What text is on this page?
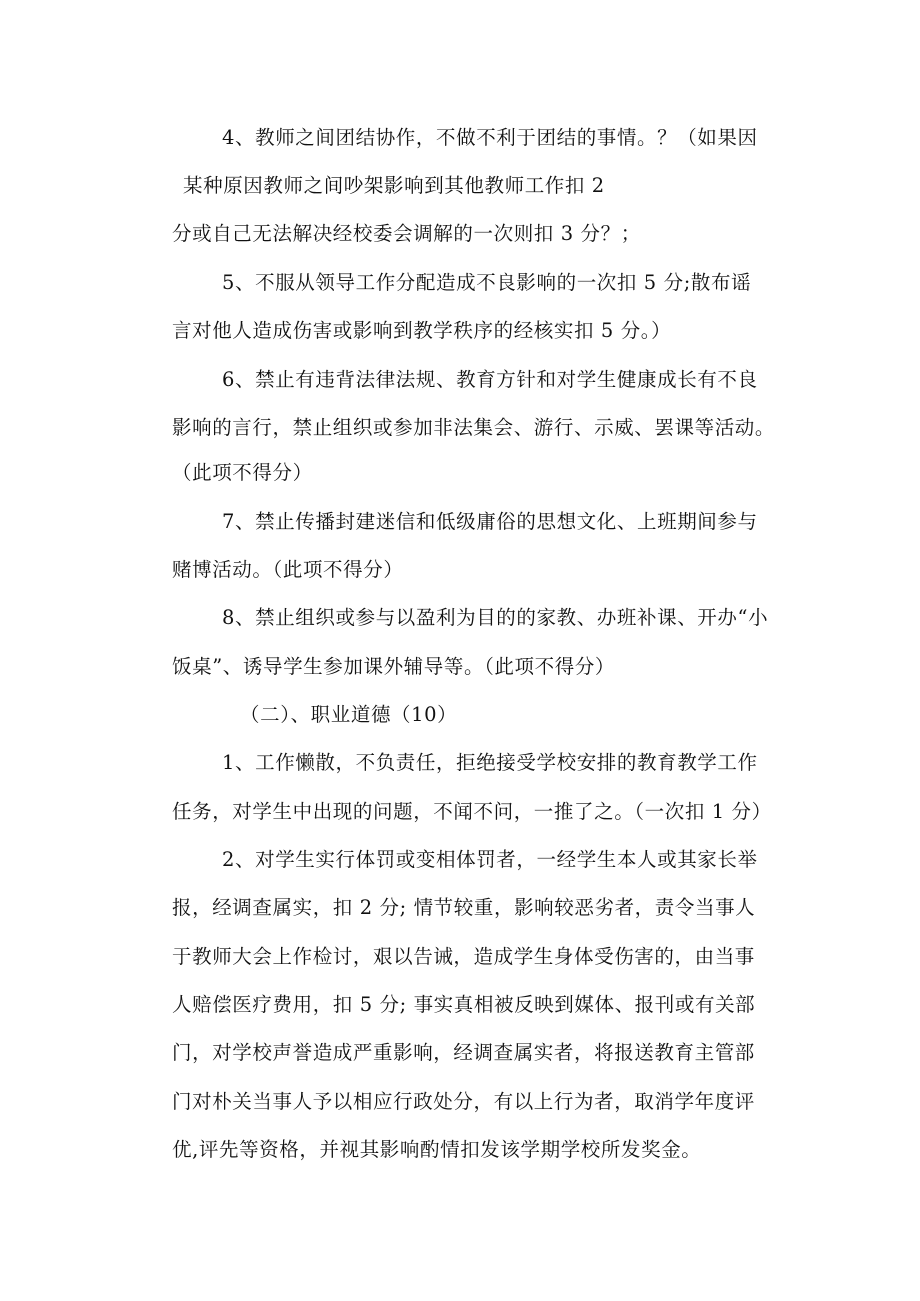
4、教师之间团结协作，不做不利于团结的事情。？（如果因
某种原因教师之间吵架影响到其他教师工作扣 2
分或自己无法解决经校委会调解的一次则扣 3 分？；
5、不服从领导工作分配造成不良影响的一次扣 5 分;散布谣
言对他人造成伤害或影响到教学秩序的经核实扣 5 分。）
6、禁止有违背法律法规、教育方针和对学生健康成长有不良
影响的言行，禁止组织或参加非法集会、游行、示威、罢课等活动。
（此项不得分）
7、禁止传播封建迷信和低级庸俗的思想文化、上班期间参与
赌博活动。（此项不得分）
8、禁止组织或参与以盈利为目的的家教、办班补课、开办“小
饭桌”、诱导学生参加课外辅导等。（此项不得分）
（二）、职业道德（10）
1、工作懒散，不负责任，拒绝接受学校安排的教育教学工作
任务，对学生中出现的问题，不闻不问，一推了之。（一次扣 1 分）
2、对学生实行体罚或变相体罚者，一经学生本人或其家长举
报，经调查属实，扣 2 分; 情节较重，影响较恶劣者，责令当事人
于教师大会上作检讨，艰以告诫，造成学生身体受伤害的，由当事
人赔偿医疗费用，扣 5 分; 事实真相被反映到媒体、报刊或有关部
门，对学校声誉造成严重影响，经调查属实者，将报送教育主管部
门对朴关当事人予以相应行政处分，有以上行为者，取消学年度评
优,评先等资格，并视其影响酌情扣发该学期学校所发奖金。
